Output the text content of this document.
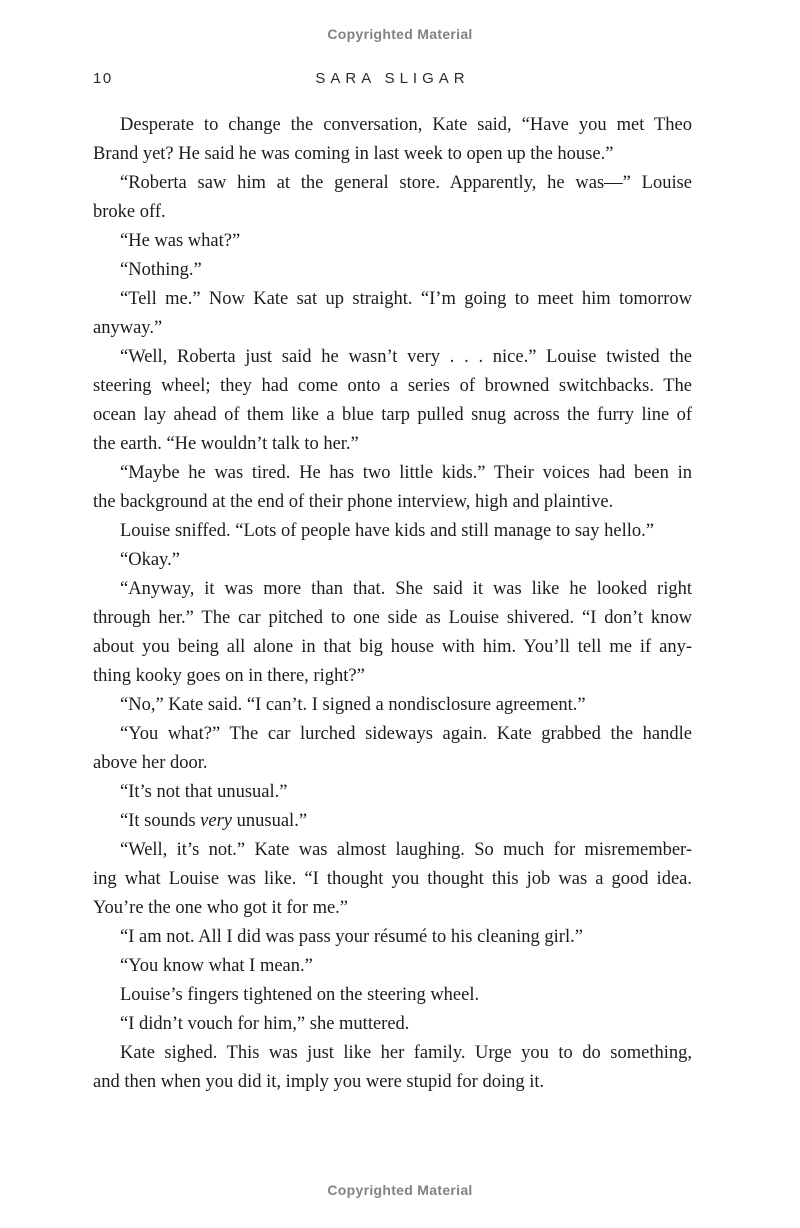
Copyrighted Material
10	SARA SLIGAR

Desperate to change the conversation, Kate said, “Have you met Theo
Brand yet? He said he was coming in last week to open up the house.”

“Roberta saw him at the general store. Apparently, he was—” Louise
broke off.

“He was what?”

“Nothing.”

“Tell me.” Now Kate sat up straight. “I’m going to meet him tomorrow
anyway.”

“Well, Roberta just said he wasn’t very . . . nice.” Louise twisted the
steering wheel; they had come onto a series of browned switchbacks. The
ocean lay ahead of them like a blue tarp pulled snug across the furry line of
the earth. “He wouldn’t talk to her.”

“Maybe he was tired. He has two little kids.” Their voices had been in
the background at the end of their phone interview, high and plaintive.

Louise sniffed. “Lots of people have kids and still manage to say hello.”

“Okay.”

“Anyway, it was more than that. She said it was like he looked right
through her.” The car pitched to one side as Louise shivered. “I don’t know
about you being all alone in that big house with him. You’ll tell me if any-
thing kooky goes on in there, right?”

“No,” Kate said. “I can’t. I signed a nondisclosure agreement.”

“You what?” The car lurched sideways again. Kate grabbed the handle
above her door.

“It’s not that unusual.”

“It sounds very unusual.”

“Well, it’s not.” Kate was almost laughing. So much for misremember-
ing what Louise was like. “I thought you thought this job was a good idea.
You’re the one who got it for me.”

“I am not. All I did was pass your résumé to his cleaning girl.”

“You know what I mean.”

Louise’s fingers tightened on the steering wheel.

“I didn’t vouch for him,” she muttered.

Kate sighed. This was just like her family. Urge you to do something,
and then when you did it, imply you were stupid for doing it.

Copyrighted Material
